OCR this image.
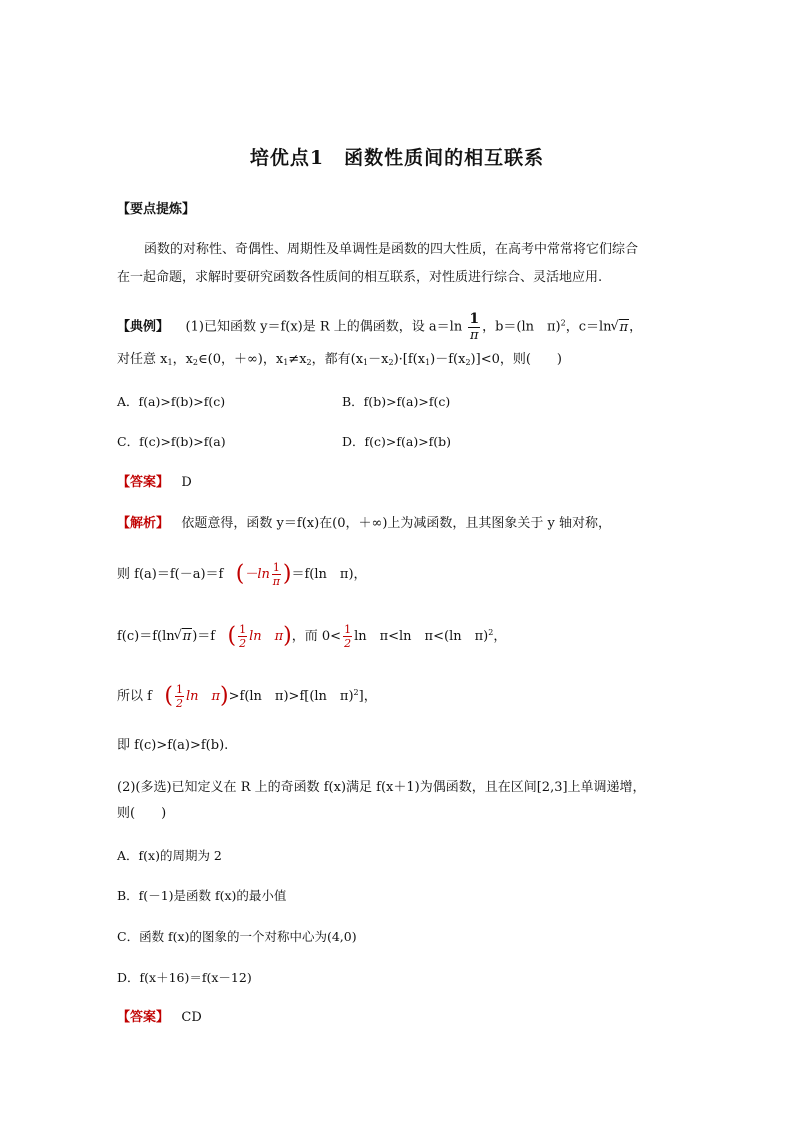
培优点1　函数性质间的相互联系
【要点提炼】
函数的对称性、奇偶性、周期性及单调性是函数的四大性质，在高考中常常将它们综合
在一起命题，求解时要研究函数各性质间的相互联系，对性质进行综合、灵活地应用.
【典例】 (1)已知函数 y＝f(x)是 R 上的偶函数，设 $a=\ln \frac{1}{\pi}$ ，b＝(ln　π)$^2$，c＝ln √ π，
对任意 $x_1$，$x_2\in(0$，＋∞)，$x_1\ne x_2$，都有$(x_1-x_2)\cdot[f(x_1)-f(x_2)]<0$，则(　　)
A．f(a)>f(b)>f(c)	B．f(b)>f(a)>f(c)
C．f(c)>f(b)>f(a)	D．f(c)>f(a)>f(b)
【答案】 D
【解析】 依题意得，函数 y＝f(x)在(0，＋∞)上为减函数，且其图象关于 y 轴对称，
则 f(a)＝f(－a)＝f $(-\ln \frac{1}{\pi} )=f(\ln$　π)，
f(c)＝f(ln √ π)＝f ( $\frac{1}{2}$ ln　π)，而 $0< \frac{1}{2}$ ln　π<ln　π<(ln　π)$^2$，
所以 f ( $\frac{1}{2}$ ln　π)>f(ln　π)>f[(ln　π)$^2$]，
即 f(c)>f(a)>f(b).
(2)(多选)已知定义在 R 上的奇函数 f(x)满足 f(x＋1)为偶函数，且在区间[2,3]上单调递增，
则(　　)
A．f(x)的周期为 2
B．f(－1)是函数 f(x)的最小值
C．函数 f(x)的图象的一个对称中心为(4,0)
D．f(x＋16)＝f(x－12)
【答案】 CD
